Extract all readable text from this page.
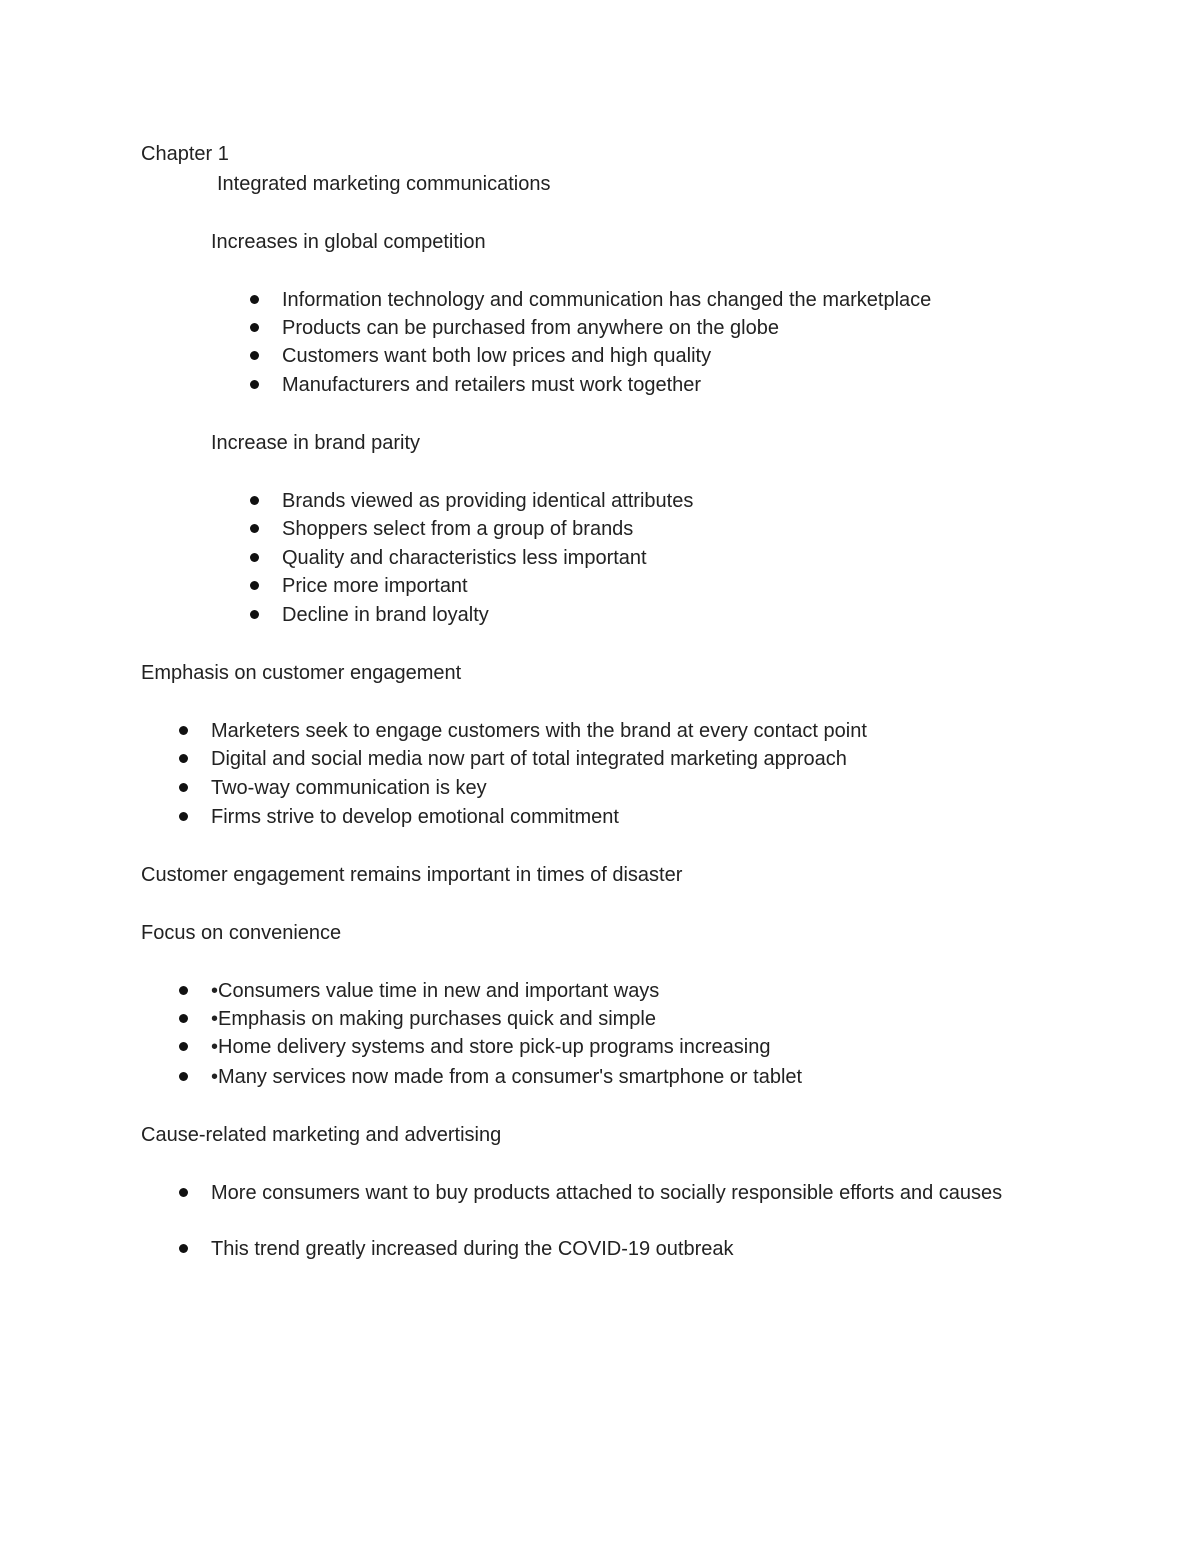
Chapter 1

Integrated marketing communications

Increases in global competition

Information technology and communication has changed the marketplace

Products can be purchased from anywhere on the globe

Customers want both low prices and high quality

Manufacturers and retailers must work together

Increase in brand parity

Brands viewed as providing identical attributes

Shoppers select from a group of brands

Quality and characteristics less important

Price more important

Decline in brand loyalty

Emphasis on customer engagement

Marketers seek to engage customers with the brand at every contact point

Digital and social media now part of total integrated marketing approach

Two-way communication is key

Firms strive to develop emotional commitment

Customer engagement remains important in times of disaster

Focus on convenience

•Consumers value time in new and important ways

•Emphasis on making purchases quick and simple

•Home delivery systems and store pick-up programs increasing

•Many services now made from a consumer's smartphone or tablet

Cause-related marketing and advertising

More consumers want to buy products attached to socially responsible efforts and causes

This trend greatly increased during the COVID-19 outbreak
